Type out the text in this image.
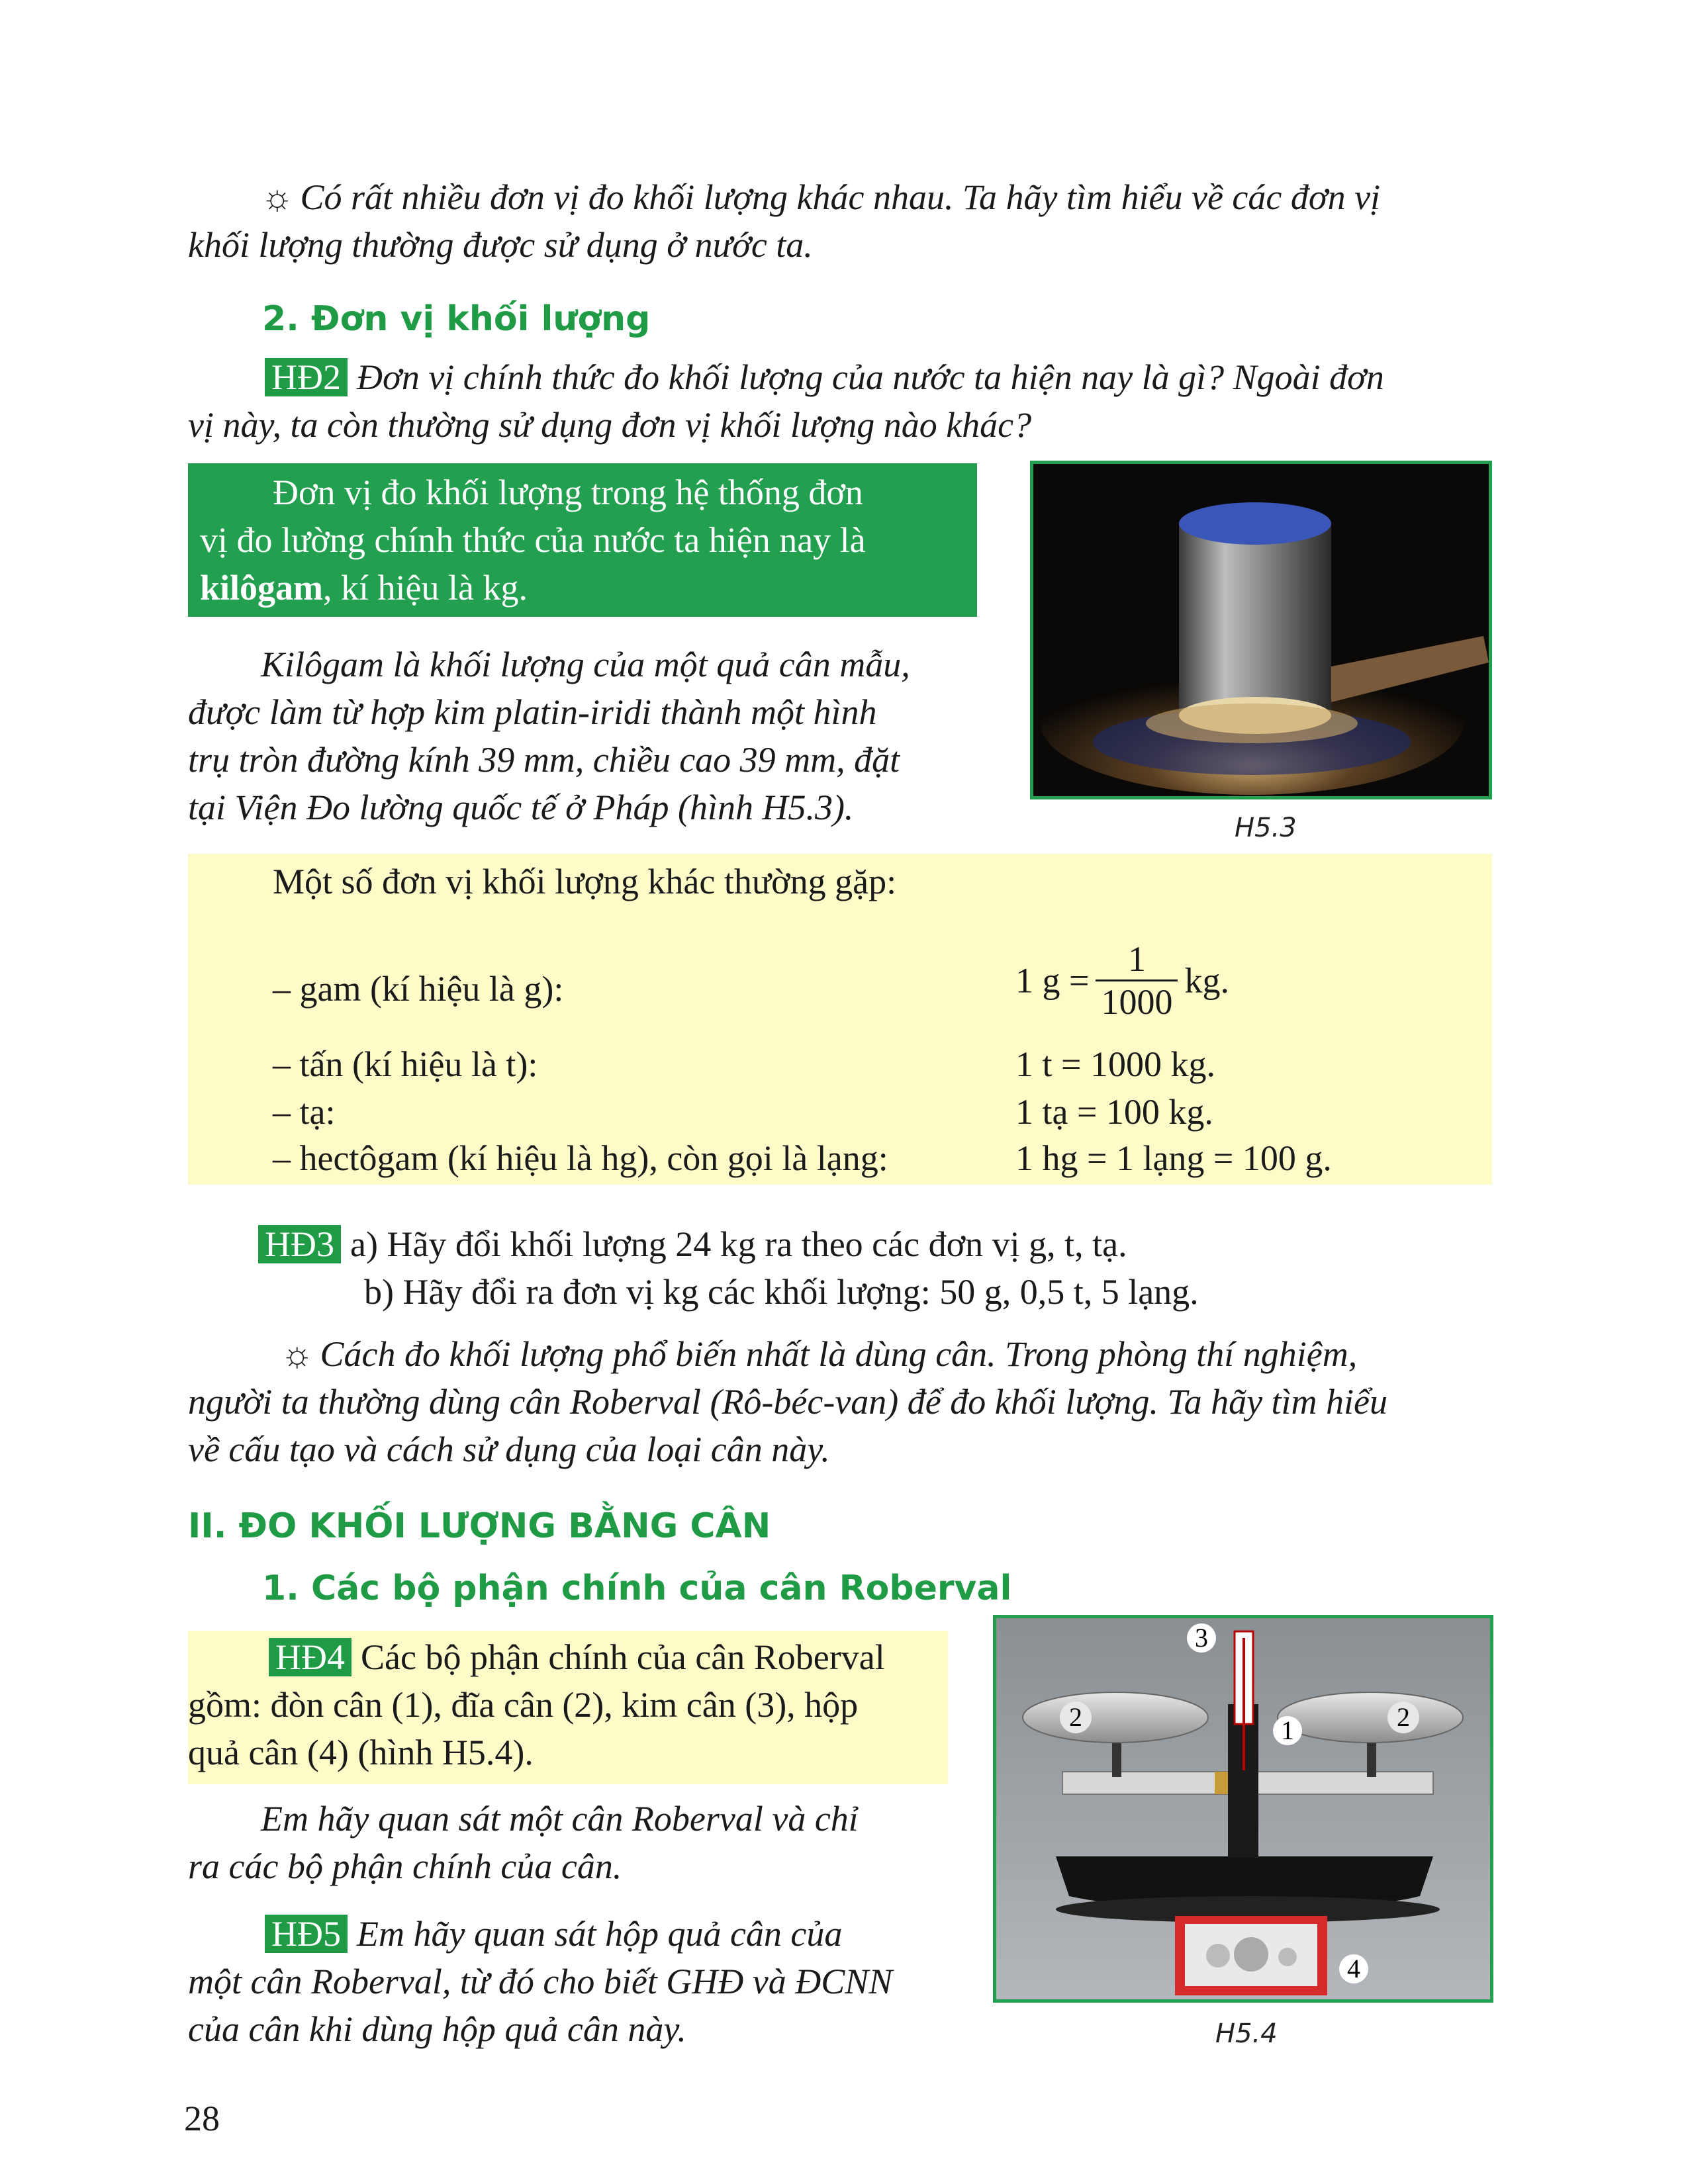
☼ Có rất nhiều đơn vị đo khối lượng khác nhau. Ta hãy tìm hiểu về các đơn vị
khối lượng thường được sử dụng ở nước ta.
2. Đơn vị khối lượng
HĐ2 Đơn vị chính thức đo khối lượng của nước ta hiện nay là gì? Ngoài đơn
vị này, ta còn thường sử dụng đơn vị khối lượng nào khác?
Đơn vị đo khối lượng trong hệ thống đơn
vị đo lường chính thức của nước ta hiện nay là
kilôgam, kí hiệu là kg.
Kilôgam là khối lượng của một quả cân mẫu,
được làm từ hợp kim platin-iridi thành một hình
trụ tròn đường kính 39 mm, chiều cao 39 mm, đặt
tại Viện Đo lường quốc tế ở Pháp (hình H5.3).
H5.3
Một số đơn vị khối lượng khác thường gặp:
– gam (kí hiệu là g):	1 $g = \frac{1}{1000}$ kg.
– tấn (kí hiệu là t):	1 t = 1000 kg.
– tạ:	1 tạ = 100 kg.
– hectôgam (kí hiệu là hg), còn gọi là lạng:	1 hg = 1 lạng = 100 g.
HĐ3 a) Hãy đổi khối lượng 24 kg ra theo các đơn vị g, t, tạ.
b) Hãy đổi ra đơn vị kg các khối lượng: 50 g, 0,5 t, 5 lạng.
☼ Cách đo khối lượng phổ biến nhất là dùng cân. Trong phòng thí nghiệm,
người ta thường dùng cân Roberval (Rô-béc-van) để đo khối lượng. Ta hãy tìm hiểu
về cấu tạo và cách sử dụng của loại cân này.
II. ĐO KHỐI LƯỢNG BẰNG CÂN
1. Các bộ phận chính của cân Roberval
HĐ4 Các bộ phận chính của cân Roberval
gồm: đòn cân (1), đĩa cân (2), kim cân (3), hộp
quả cân (4) (hình H5.4).
Em hãy quan sát một cân Roberval và chỉ
ra các bộ phận chính của cân.
HĐ5 Em hãy quan sát hộp quả cân của
một cân Roberval, từ đó cho biết GHĐ và ĐCNN
của cân khi dùng hộp quả cân này.
3
2	2
1
4
H5.4
28
